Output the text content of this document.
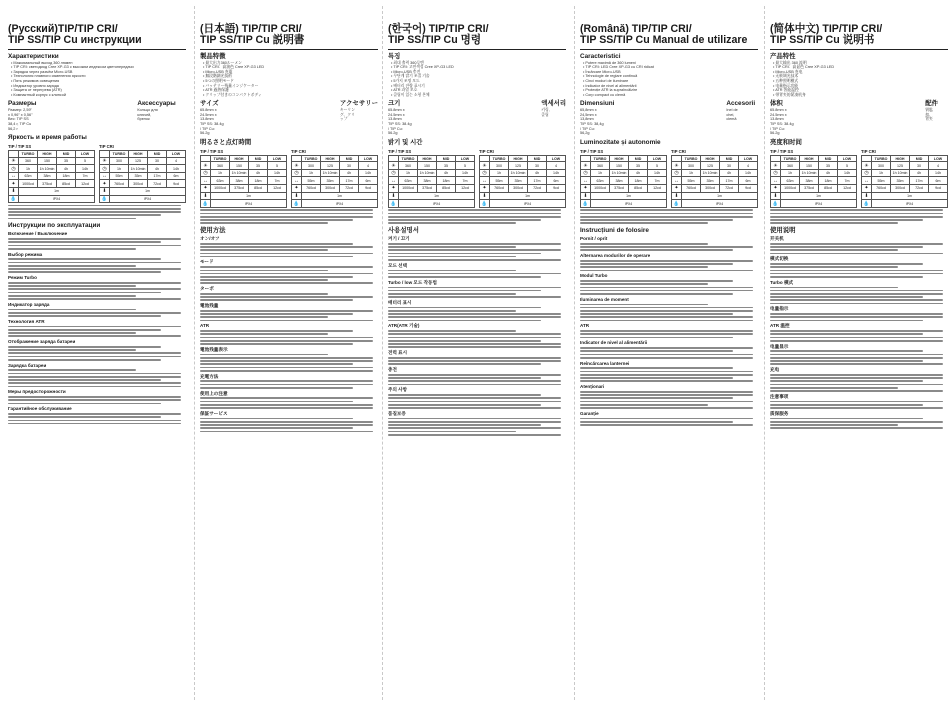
(Русский)TIP/TIP CRI/
TIP SS/TIP Cu инструкции
Характеристики
• Максимальный выход 360 люмен
• TIP CRI: светодиод Cree XP-G3 с высоким индексом цветопередачи
• Зарядка через разъём Micro-USB
• Технология плавного изменения яркости
• Пять режимов освещения
• Индикатор уровня заряда
• Защита от перегрева (ATR)
• Компактный корпус с клипсой
Размеры
Размер: 2,59" x 0,96" x 0,56"
Вес: TIP SS 38,4 г, TIP Cu 56,2 г
Аксессуары
Кольцо для ключей, брелок
Яркость и время работы
TIP / TIP SS
	TURBO	HIGH	MID	LOW
☀	360	150	35	5
◷	1h	1h 10min	4h	14h
↔	63m	38m	18m	7m
✦	1000cd	375cd	85cd	12cd
⬇	1m			
💧	IPX4			
TIP CRI
	TURBO	HIGH	MID	LOW
☀	300	125	30	4
◷	1h	1h 10min	4h	14h
↔	55m	35m	17m	6m
✦	760cd	300cd	72cd	9cd
⬇	1m			
💧	IPX4			
Инструкции по эксплуатации
Включение / Выключение
Выбор режима
Режим Turbo
Индикатор заряда
Технология ATR
Отображение заряда батареи
Зарядка батареи
Меры предосторожности
Гарантийное обслуживание
(日本語) TIP/TIP CRI/
TIP SS/TIP Cu 説明書
製品特徴
• 最大出力360ルーメン
• TIP CRI：高演色 Cree XP-G3 LED
• Micro-USB 充電
• 無段階調光技術
• 5つの照明モード
• バッテリー残量インジケーター
• ATR 過熱保護
• クリップ付きのコンパクトボディ
サイズ
65.8mm x 24.5mm x 13.8mm
TIP SS: 38.4g / TIP Cu: 56.2g
アクセサリー
キーリング、クリップ
明るさと点灯時間
TIP / TIP SS
	TURBO	HIGH	MID	LOW
☀	360	150	35	5
◷	1h	1h 10min	4h	14h
↔	63m	38m	18m	7m
✦	1000cd	375cd	85cd	12cd
⬇	1m			
💧	IPX4			
TIP CRI
	TURBO	HIGH	MID	LOW
☀	300	125	30	4
◷	1h	1h 10min	4h	14h
↔	55m	35m	17m	6m
✦	760cd	300cd	72cd	9cd
⬇	1m			
💧	IPX4			
使用方法
オン/オフ
モード
ターボ
電池残量
ATR
電池残量表示
充電方法
使用上の注意
保証サービス
(한국어) TIP/TIP CRI/
TIP SS/TIP Cu 명령
특징
• 최대 출력 360루멘
• TIP CRI: 고연색성 Cree XP-G3 LED
• Micro-USB 충전
• 무단계 밝기 조절 기술
• 5가지 조명 모드
• 배터리 잔량 표시기
• ATR 과열 보호
• 클립이 있는 소형 본체
크기
65.8mm x 24.5mm x 13.8mm
TIP SS: 38.4g / TIP Cu: 56.2g
액세서리
키링, 클립
밝기 및 시간
TIP / TIP SS
	TURBO	HIGH	MID	LOW
☀	360	150	35	5
◷	1h	1h 10min	4h	14h
↔	63m	38m	18m	7m
✦	1000cd	375cd	85cd	12cd
⬇	1m			
💧	IPX4			
TIP CRI
	TURBO	HIGH	MID	LOW
☀	300	125	30	4
◷	1h	1h 10min	4h	14h
↔	55m	35m	17m	6m
✦	760cd	300cd	72cd	9cd
⬇	1m			
💧	IPX4			
사용설명서
켜기 / 끄기
모드 선택
Turbo / low 모드 작동법
배터리 표시
ATR(ATR 기술)
전력 표시
충전
주의 사항
품질보증
(Română) TIP/TIP CRI/
TIP SS/TIP Cu Manual de utilizare
Caracteristici
• Putere maximă de 360 lumeni
• TIP CRI: LED Cree XP-G3 cu CRI ridicat
• Încărcare Micro-USB
• Tehnologie de reglare continuă
• Cinci moduri de iluminare
• Indicator de nivel al alimentării
• Protecție ATR la supraîncălzire
• Corp compact cu clemă
Dimensiuni
65,8mm x 24,5mm x 13,8mm
TIP SS: 38,4g / TIP Cu: 56,2g
Accesorii
Inel de chei, clemă
Luminozitate și autonomie
TIP / TIP SS
	TURBO	HIGH	MID	LOW
☀	360	150	35	5
◷	1h	1h 10min	4h	14h
↔	63m	38m	18m	7m
✦	1000cd	375cd	85cd	12cd
⬇	1m			
💧	IPX4			
TIP CRI
	TURBO	HIGH	MID	LOW
☀	300	125	30	4
◷	1h	1h 10min	4h	14h
↔	55m	35m	17m	6m
✦	760cd	300cd	72cd	9cd
⬇	1m			
💧	IPX4			
Instrucțiuni de folosire
Pornit / oprit
Alternarea modurilor de operare
Modul Turbo
Iluminarea de moment
ATR
Indicator de nivel al alimentării
Reîncărcarea lanternei
Atenționari
Garanție
(简体中文) TIP/TIP CRI/
TIP SS/TIP Cu 说明书
产品特性
• 最大输出 360 流明
• TIP CRI：高显色 Cree XP-G3 LED
• Micro-USB 充电
• 无极调光技术
• 五种照明模式
• 电量指示功能
• ATR 智能温控
• 带背夹的紧凑机身
体积
65.8mm x 24.5mm x 13.8mm
TIP SS: 38.4g / TIP Cu: 56.2g
配件
钥匙扣、背夹
亮度和时间
TIP / TIP SS
	TURBO	HIGH	MID	LOW
☀	360	150	35	5
◷	1h	1h 10min	4h	14h
↔	63m	38m	18m	7m
✦	1000cd	375cd	85cd	12cd
⬇	1m			
💧	IPX4			
TIP CRI
	TURBO	HIGH	MID	LOW
☀	300	125	30	4
◷	1h	1h 10min	4h	14h
↔	55m	35m	17m	6m
✦	760cd	300cd	72cd	9cd
⬇	1m			
💧	IPX4			
使用说明
开关机
模式切换
Turbo 模式
电量指示
ATR 温控
电量显示
充电
注意事项
质保服务
